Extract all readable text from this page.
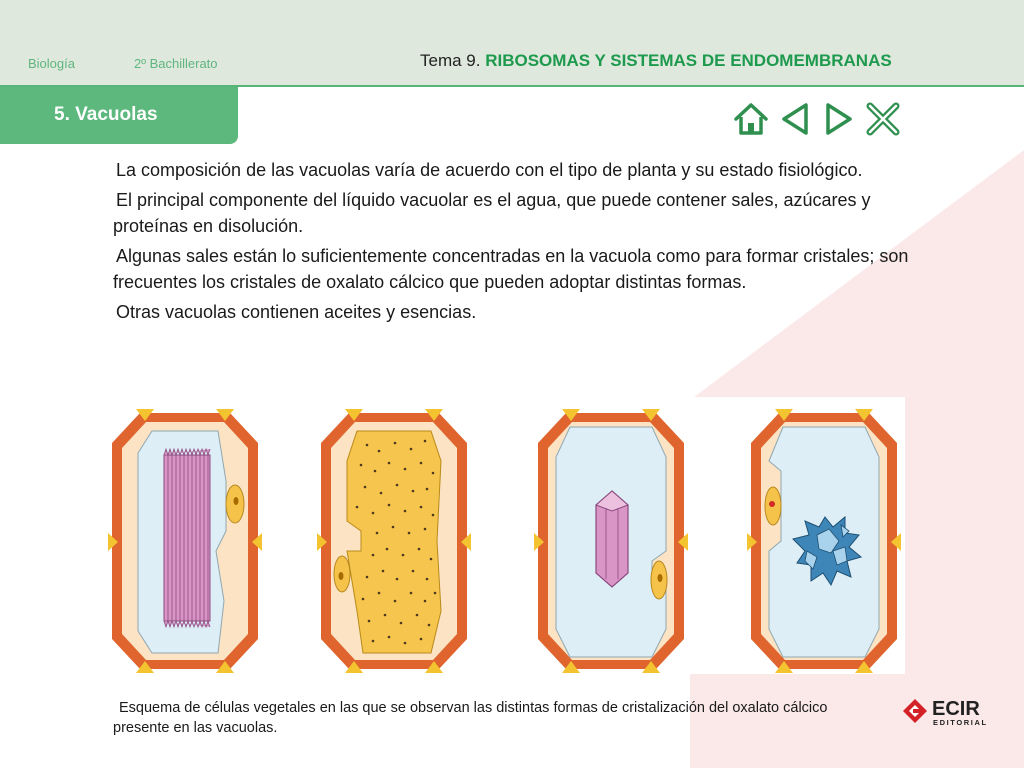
Biología	2º Bachillerato	Tema 9. RIBOSOMAS Y SISTEMAS DE ENDOMEMBRANAS
5. Vacuolas

La composición de las vacuolas varía de acuerdo con el tipo de planta y su estado fisiológico.

El principal componente del líquido vacuolar es el agua, que puede contener sales, azúcares y proteínas en disolución.

Algunas sales están lo suficientemente concentradas en la vacuola como para formar cristales; son frecuentes los cristales de oxalato cálcico que pueden adoptar distintas formas.

Otras vacuolas contienen aceites y esencias.

Esquema de células vegetales en las que se observan las distintas formas de cristalización del oxalato cálcico presente en las vacuolas.
ECIR
EDITORIAL
